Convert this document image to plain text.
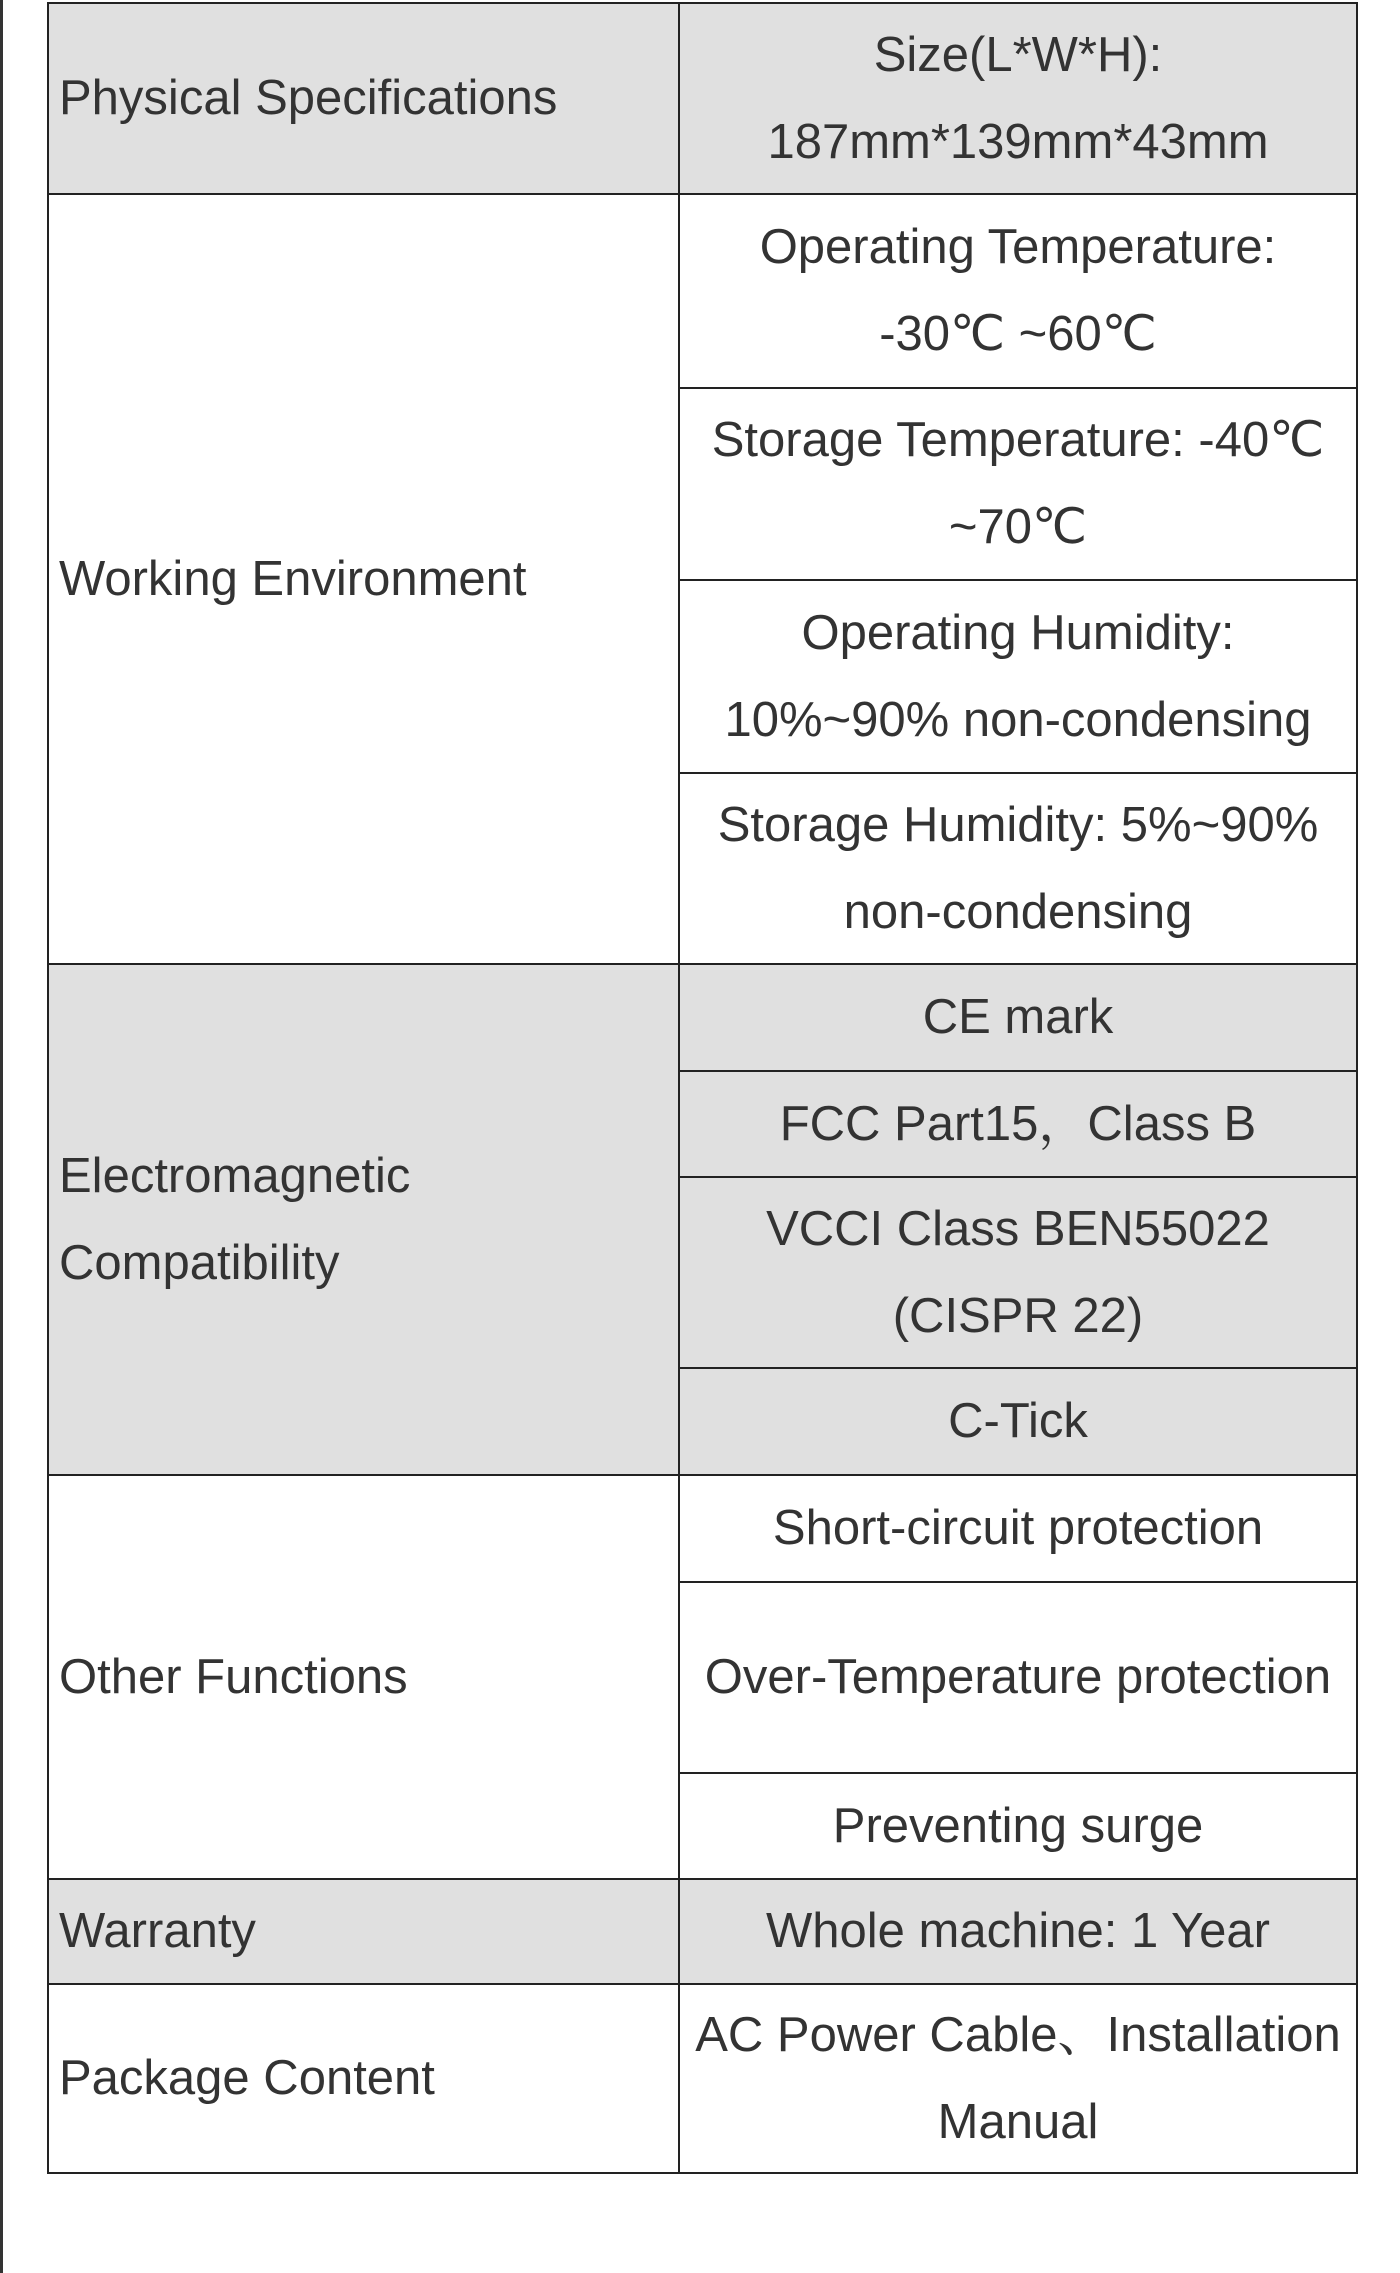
Physical Specifications	Size(L*W*H): 187mm*139mm*43mm
Working Environment	Operating Temperature: -30℃ ~60℃
	Storage Temperature: -40℃ ~70℃
	Operating Humidity: 10%~90% non-condensing
	Storage Humidity: 5%~90% non-condensing
Electromagnetic Compatibility	CE mark
	FCC Part15，Class B
	VCCI Class BEN55022 (CISPR 22)
	C-Tick
Other Functions	Short-circuit protection
	Over-Temperature protection
	Preventing surge
Warranty	Whole machine: 1 Year
Package Content	AC Power Cable、Installation Manual
